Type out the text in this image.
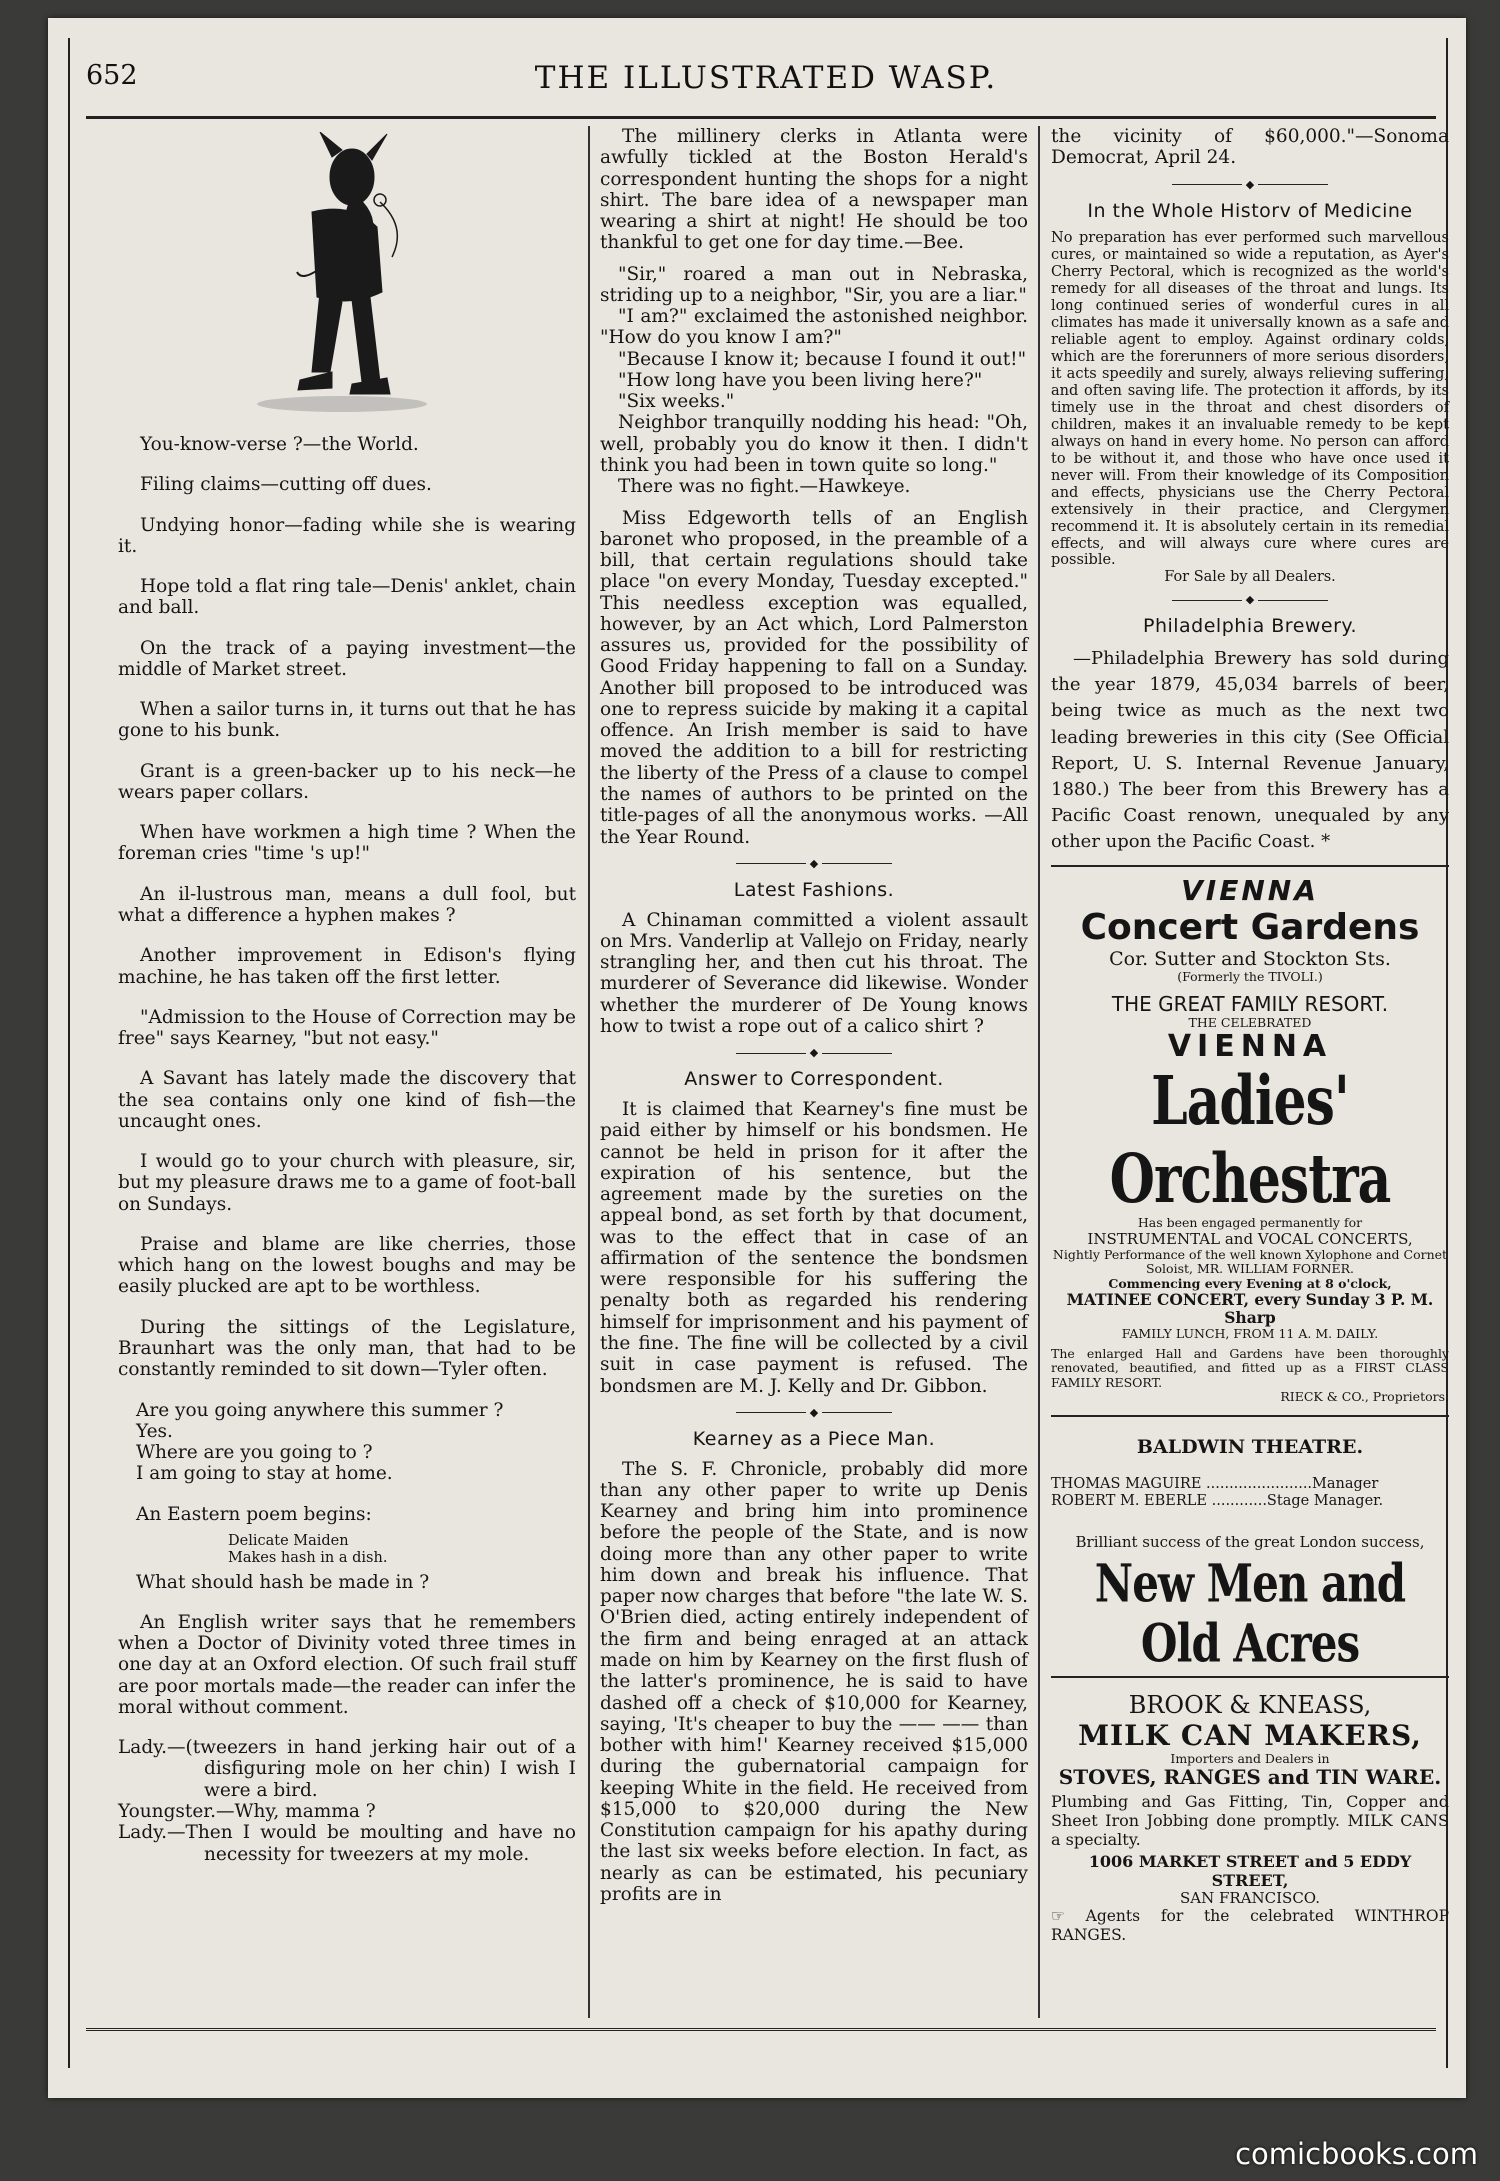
652	THE ILLUSTRATED WASP.

You-know-verse ?—the World.

Filing claims—cutting off dues.

Undying honor—fading while she is wearing it.

Hope told a flat ring tale—Denis' anklet, chain and ball.

On the track of a paying investment—the middle of Market street.

When a sailor turns in, it turns out that he has gone to his bunk.

Grant is a green-backer up to his neck—he wears paper collars.

When have workmen a high time ? When the foreman cries "time 's up!"

An il-lustrous man, means a dull fool, but what a difference a hyphen makes ?

Another improvement in Edison's flying machine, he has taken off the first letter.

"Admission to the House of Correction may be free" says Kearney, "but not easy."

A Savant has lately made the discovery that the sea contains only one kind of fish—the uncaught ones.

I would go to your church with pleasure, sir, but my pleasure draws me to a game of foot-ball on Sundays.

Praise and blame are like cherries, those which hang on the lowest boughs and may be easily plucked are apt to be worthless.

During the sittings of the Legislature, Braunhart was the only man, that had to be constantly reminded to sit down—Tyler often.

Are you going anywhere this summer ?

Yes.

Where are you going to ?

I am going to stay at home.

An Eastern poem begins:

Delicate Maiden
Makes hash in a dish.

What should hash be made in ?

An English writer says that he remembers when a Doctor of Divinity voted three times in one day at an Oxford election. Of such frail stuff are poor mortals made—the reader can infer the moral without comment.

Lady.—(tweezers in hand jerking hair out of a disfiguring mole on her chin) I wish I were a bird.

Youngster.—Why, mamma ?

Lady.—Then I would be moulting and have no necessity for tweezers at my mole.

The millinery clerks in Atlanta were awfully tickled at the Boston Herald's correspondent hunting the shops for a night shirt. The bare idea of a newspaper man wearing a shirt at night! He should be too thankful to get one for day time.—Bee.

"Sir," roared a man out in Nebraska, striding up to a neighbor, "Sir, you are a liar."

"I am?" exclaimed the astonished neighbor. "How do you know I am?"

"Because I know it; because I found it out!"

"How long have you been living here?"

"Six weeks."

Neighbor tranquilly nodding his head: "Oh, well, probably you do know it then. I didn't think you had been in town quite so long."

There was no fight.—Hawkeye.

Miss Edgeworth tells of an English baronet who proposed, in the preamble of a bill, that certain regulations should take place "on every Monday, Tuesday excepted." This needless exception was equalled, however, by an Act which, Lord Palmerston assures us, provided for the possibility of Good Friday happening to fall on a Sunday. Another bill proposed to be introduced was one to repress suicide by making it a capital offence. An Irish member is said to have moved the addition to a bill for restricting the liberty of the Press of a clause to compel the names of authors to be printed on the title-pages of all the anonymous works. —All the Year Round.

◆
Latest Fashions.

A Chinaman committed a violent assault on Mrs. Vanderlip at Vallejo on Friday, nearly strangling her, and then cut his throat. The murderer of Severance did likewise. Wonder whether the murderer of De Young knows how to twist a rope out of a calico shirt ?

◆
Answer to Correspondent.

It is claimed that Kearney's fine must be paid either by himself or his bondsmen. He cannot be held in prison for it after the expiration of his sentence, but the agreement made by the sureties on the appeal bond, as set forth by that document, was to the effect that in case of an affirmation of the sentence the bondsmen were responsible for his suffering the penalty both as regarded his rendering himself for imprisonment and his payment of the fine. The fine will be collected by a civil suit in case payment is refused. The bondsmen are M. J. Kelly and Dr. Gibbon.

◆
Kearney as a Piece Man.

The S. F. Chronicle, probably did more than any other paper to write up Denis Kearney and bring him into prominence before the people of the State, and is now doing more than any other paper to write him down and break his influence. That paper now charges that before "the late W. S. O'Brien died, acting entirely independent of the firm and being enraged at an attack made on him by Kearney on the first flush of the latter's prominence, he is said to have dashed off a check of $10,000 for Kearney, saying, 'It's cheaper to buy the —— —— than bother with him!' Kearney received $15,000 during the gubernatorial campaign for keeping White in the field. He received from $15,000 to $20,000 during the New Constitution campaign for his apathy during the last six weeks before election. In fact, as nearly as can be estimated, his pecuniary profits are in

the vicinity of $60,000."—Sonoma Democrat, April 24.

◆
In the Whole Historv of Medicine

No preparation has ever performed such marvellous cures, or maintained so wide a reputation, as Ayer's Cherry Pectoral, which is recognized as the world's remedy for all diseases of the throat and lungs. Its long continued series of wonderful cures in all climates has made it universally known as a safe and reliable agent to employ. Against ordinary colds, which are the forerunners of more serious disorders, it acts speedily and surely, always relieving suffering, and often saving life. The protection it affords, by its timely use in the throat and chest disorders of children, makes it an invaluable remedy to be kept always on hand in every home. No person can afford to be without it, and those who have once used it never will. From their knowledge of its Composition and effects, physicians use the Cherry Pectoral extensively in their practice, and Clergymen recommend it. It is absolutely certain in its remedial effects, and will always cure where cures are possible.

For Sale by all Dealers.

◆
Philadelphia Brewery.

—Philadelphia Brewery has sold during the year 1879, 45,034 barrels of beer, being twice as much as the next two leading breweries in this city (See Official Report, U. S. Internal Revenue January, 1880.) The beer from this Brewery has a Pacific Coast renown, unequaled by any other upon the Pacific Coast. *

VIENNA

Concert Gardens

Cor. Sutter and Stockton Sts.

(Formerly the TIVOLI.)

THE GREAT FAMILY RESORT.

THE CELEBRATED

VIENNA

Ladies' Orchestra

Has been engaged permanently for

INSTRUMENTAL and VOCAL CONCERTS,

Nightly Performance of the well known Xylophone and Cornet Soloist, MR. WILLIAM FORNER.

Commencing every Evening at 8 o'clock,

MATINEE CONCERT, every Sunday 3 P. M. Sharp

FAMILY LUNCH, FROM 11 A. M. DAILY.

The enlarged Hall and Gardens have been thoroughly renovated, beautified, and fitted up as a FIRST CLASS FAMILY RESORT.

RIECK & CO., Proprietors.

BALDWIN THEATRE.

THOMAS MAGUIRE .......................Manager

ROBERT M. EBERLE ............Stage Manager.

Brilliant success of the great London success,

New Men and Old Acres

BROOK & KNEASS,

MILK CAN MAKERS,

Importers and Dealers in

STOVES, RANGES and TIN WARE.

Plumbing and Gas Fitting, Tin, Copper and Sheet Iron Jobbing done promptly. MILK CANS a specialty.

1006 MARKET STREET and 5 EDDY STREET,

SAN FRANCISCO.

☞ Agents for the celebrated WINTHROP RANGES.

comicbooks.com
